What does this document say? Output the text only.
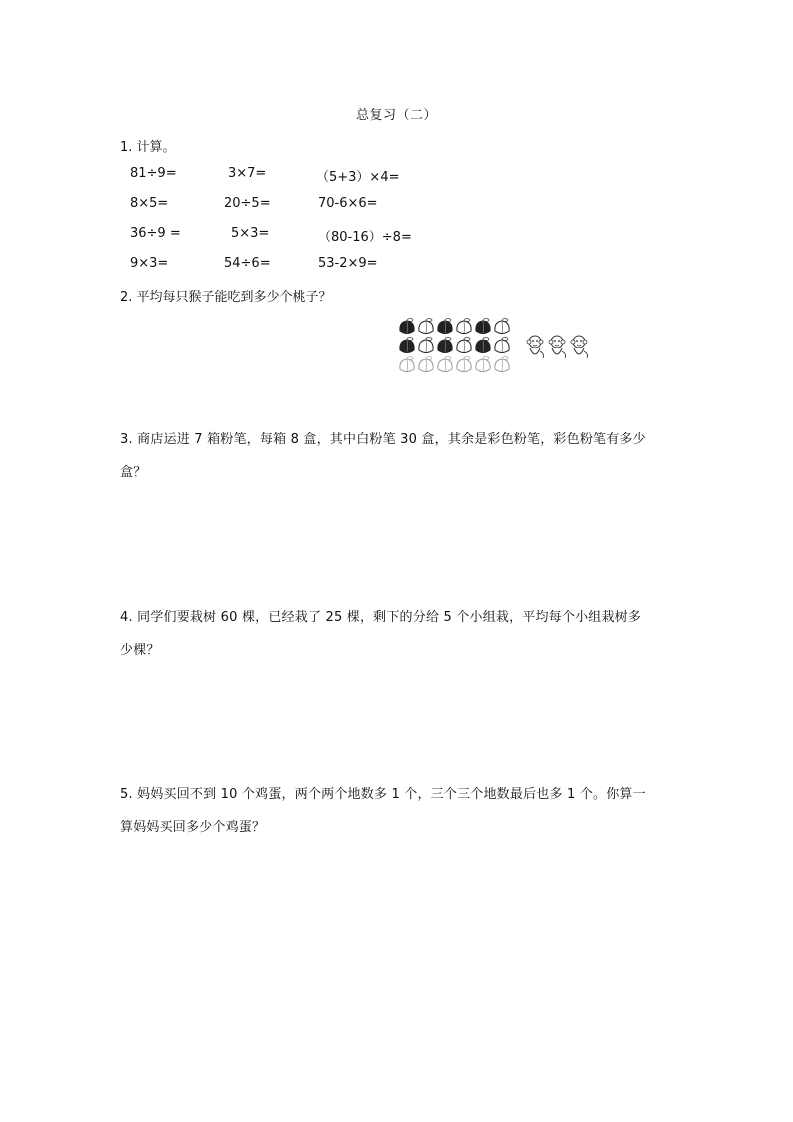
总复习（二）
1. 计算。
81÷9=	3×7=	（5+3）×4=
8×5=	20÷5=	70-6×6=
36÷9 =	5×3=	（80-16）÷8=
9×3=	54÷6=	53-2×9=
2. 平均每只猴子能吃到多少个桃子？
3. 商店运进 7 箱粉笔，每箱 8 盒，其中白粉笔 30 盒，其余是彩色粉笔，彩色粉笔有多少
盒？
4. 同学们要栽树 60 棵，已经栽了 25 棵，剩下的分给 5 个小组栽，平均每个小组栽树多
少棵？
5. 妈妈买回不到 10 个鸡蛋，两个两个地数多 1 个，三个三个地数最后也多 1 个。你算一
算妈妈买回多少个鸡蛋？
